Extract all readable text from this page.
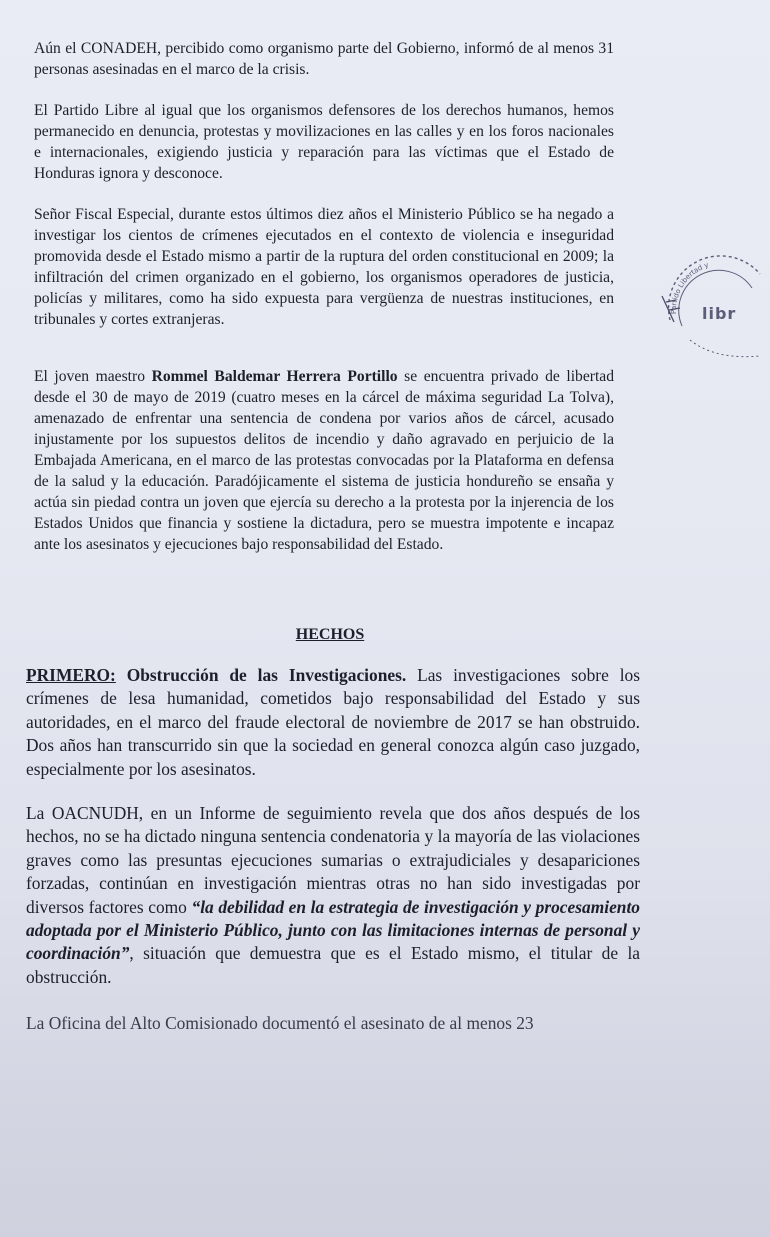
Aún el CONADEH, percibido como organismo parte del Gobierno, informó de al menos 31 personas asesinadas en el marco de la crisis.

El Partido Libre al igual que los organismos defensores de los derechos humanos, hemos permanecido en denuncia, protestas y movilizaciones en las calles y en los foros nacionales e internacionales, exigiendo justicia y reparación para las víctimas que el Estado de Honduras ignora y desconoce.

Señor Fiscal Especial, durante estos últimos diez años el Ministerio Público se ha negado a investigar los cientos de crímenes ejecutados en el contexto de violencia e inseguridad promovida desde el Estado mismo a partir de la ruptura del orden constitucional en 2009; la infiltración del crimen organizado en el gobierno, los organismos operadores de justicia, policías y militares, como ha sido expuesta para vergüenza de nuestras instituciones, en tribunales y cortes extranjeras.

El joven maestro Rommel Baldemar Herrera Portillo se encuentra privado de libertad desde el 30 de mayo de 2019 (cuatro meses en la cárcel de máxima seguridad La Tolva), amenazado de enfrentar una sentencia de condena por varios años de cárcel, acusado injustamente por los supuestos delitos de incendio y daño agravado en perjuicio de la Embajada Americana, en el marco de las protestas convocadas por la Plataforma en defensa de la salud y la educación. Paradójicamente el sistema de justicia hondureño se ensaña y actúa sin piedad contra un joven que ejercía su derecho a la protesta por la injerencia de los Estados Unidos que financia y sostiene la dictadura, pero se muestra impotente e incapaz ante los asesinatos y ejecuciones bajo responsabilidad del Estado.

HECHOS

PRIMERO: Obstrucción de las Investigaciones. Las investigaciones sobre los crímenes de lesa humanidad, cometidos bajo responsabilidad del Estado y sus autoridades, en el marco del fraude electoral de noviembre de 2017 se han obstruido. Dos años han transcurrido sin que la sociedad en general conozca algún caso juzgado, especialmente por los asesinatos.

La OACNUDH, en un Informe de seguimiento revela que dos años después de los hechos, no se ha dictado ninguna sentencia condenatoria y la mayoría de las violaciones graves como las presuntas ejecuciones sumarias o extrajudiciales y desapariciones forzadas, continúan en investigación mientras otras no han sido investigadas por diversos factores como “la debilidad en la estrategia de investigación y procesamiento adoptada por el Ministerio Público, junto con las limitaciones internas de personal y coordinación”, situación que demuestra que es el Estado mismo, el titular de la obstrucción.

La Oficina del Alto Comisionado documentó el asesinato de al menos 23

Partido Libertad y
libr
